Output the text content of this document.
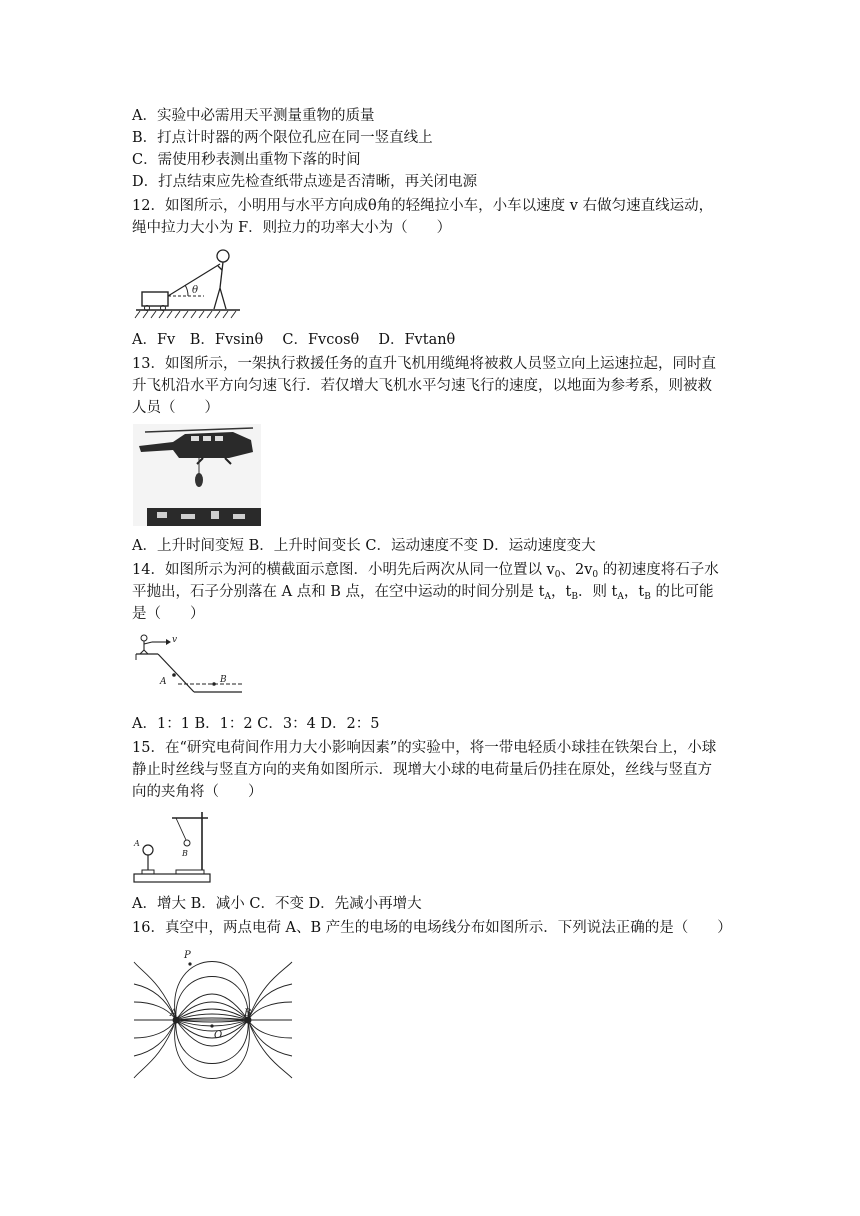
A．实验中必需用天平测量重物的质量
B．打点计时器的两个限位孔应在同一竖直线上
C．需使用秒表测出重物下落的时间
D．打点结束应先检查纸带点迹是否清晰，再关闭电源
12．如图所示，小明用与水平方向成θ角的轻绳拉小车，小车以速度 v 右做匀速直线运动，
绳中拉力大小为 F．则拉力的功率大小为（　　）
θ
A．Fv　B．Fvsinθ　 C．Fvcosθ　 D．Fvtanθ
13．如图所示，一架执行救援任务的直升飞机用缆绳将被救人员竖立向上运速拉起，同时直
升飞机沿水平方向匀速飞行．若仅增大飞机水平匀速飞行的速度，以地面为参考系，则被救
人员（　　）
A．上升时间变短 B．上升时间变长 C．运动速度不变 D．运动速度变大
14．如图所示为河的横截面示意图．小明先后两次从同一位置以 $v_0$、$2v_0$ 的初速度将石子水
平抛出，石子分别落在 A 点和 B 点，在空中运动的时间分别是 $t_A$，$t_B$．则 $t_A$，$t_B$ 的比可能
是（　　）
v
A	B
A．1：1 B．1：2 C．3：4 D．2：5
15．在“研究电荷间作用力大小影响因素”的实验中，将一带电轻质小球挂在铁架台上，小球
静止时丝线与竖直方向的夹角如图所示．现增大小球的电荷量后仍挂在原处，丝线与竖直方
向的夹角将（　　）
B
A
A．增大 B．减小 C．不变 D．先减小再增大
16．真空中，两点电荷 A、B 产生的电场的电场线分布如图所示．下列说法正确的是（　　）
P
A	B
O
